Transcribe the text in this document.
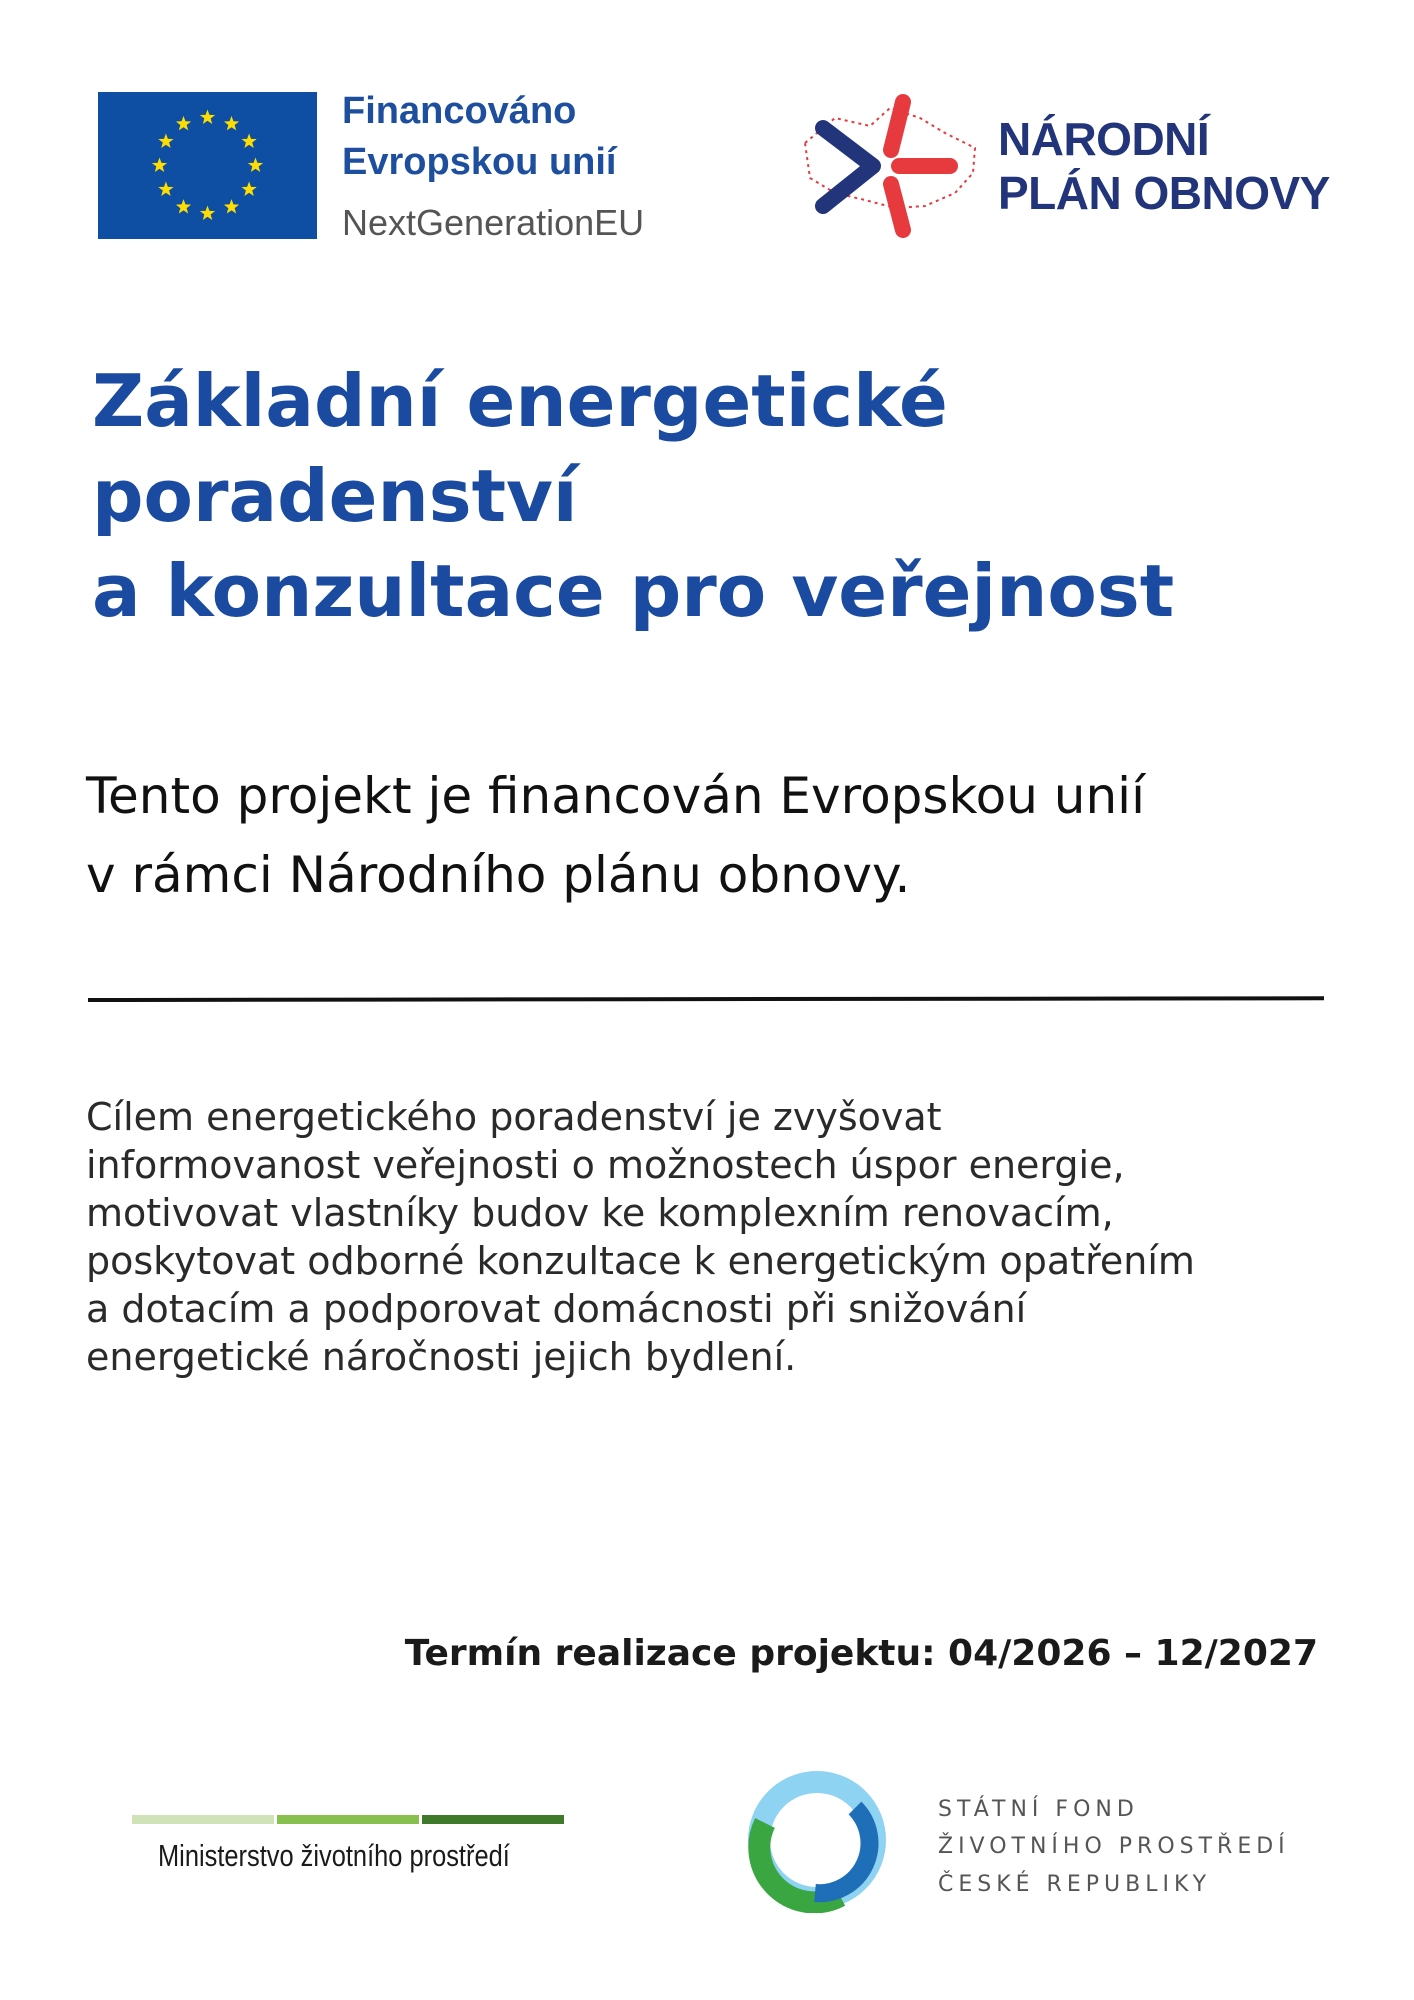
Financováno
Evropskou unií
NextGenerationEU
NÁRODNÍ
PLÁN OBNOVY
Základní energetické
poradenství
a konzultace pro veřejnost
Tento projekt je financován Evropskou unií
v rámci Národního plánu obnovy.
Cílem energetického poradenství je zvyšovat
informovanost veřejnosti o možnostech úspor energie,
motivovat vlastníky budov ke komplexním renovacím,
poskytovat odborné konzultace k energetickým opatřením
a dotacím a podporovat domácnosti při snižování
energetické náročnosti jejich bydlení.
Termín realizace projektu: 04/2026 – 12/2027
Ministerstvo životního prostředí
STÁTNÍ FOND
ŽIVOTNÍHO PROSTŘEDÍ
ČESKÉ REPUBLIKY
